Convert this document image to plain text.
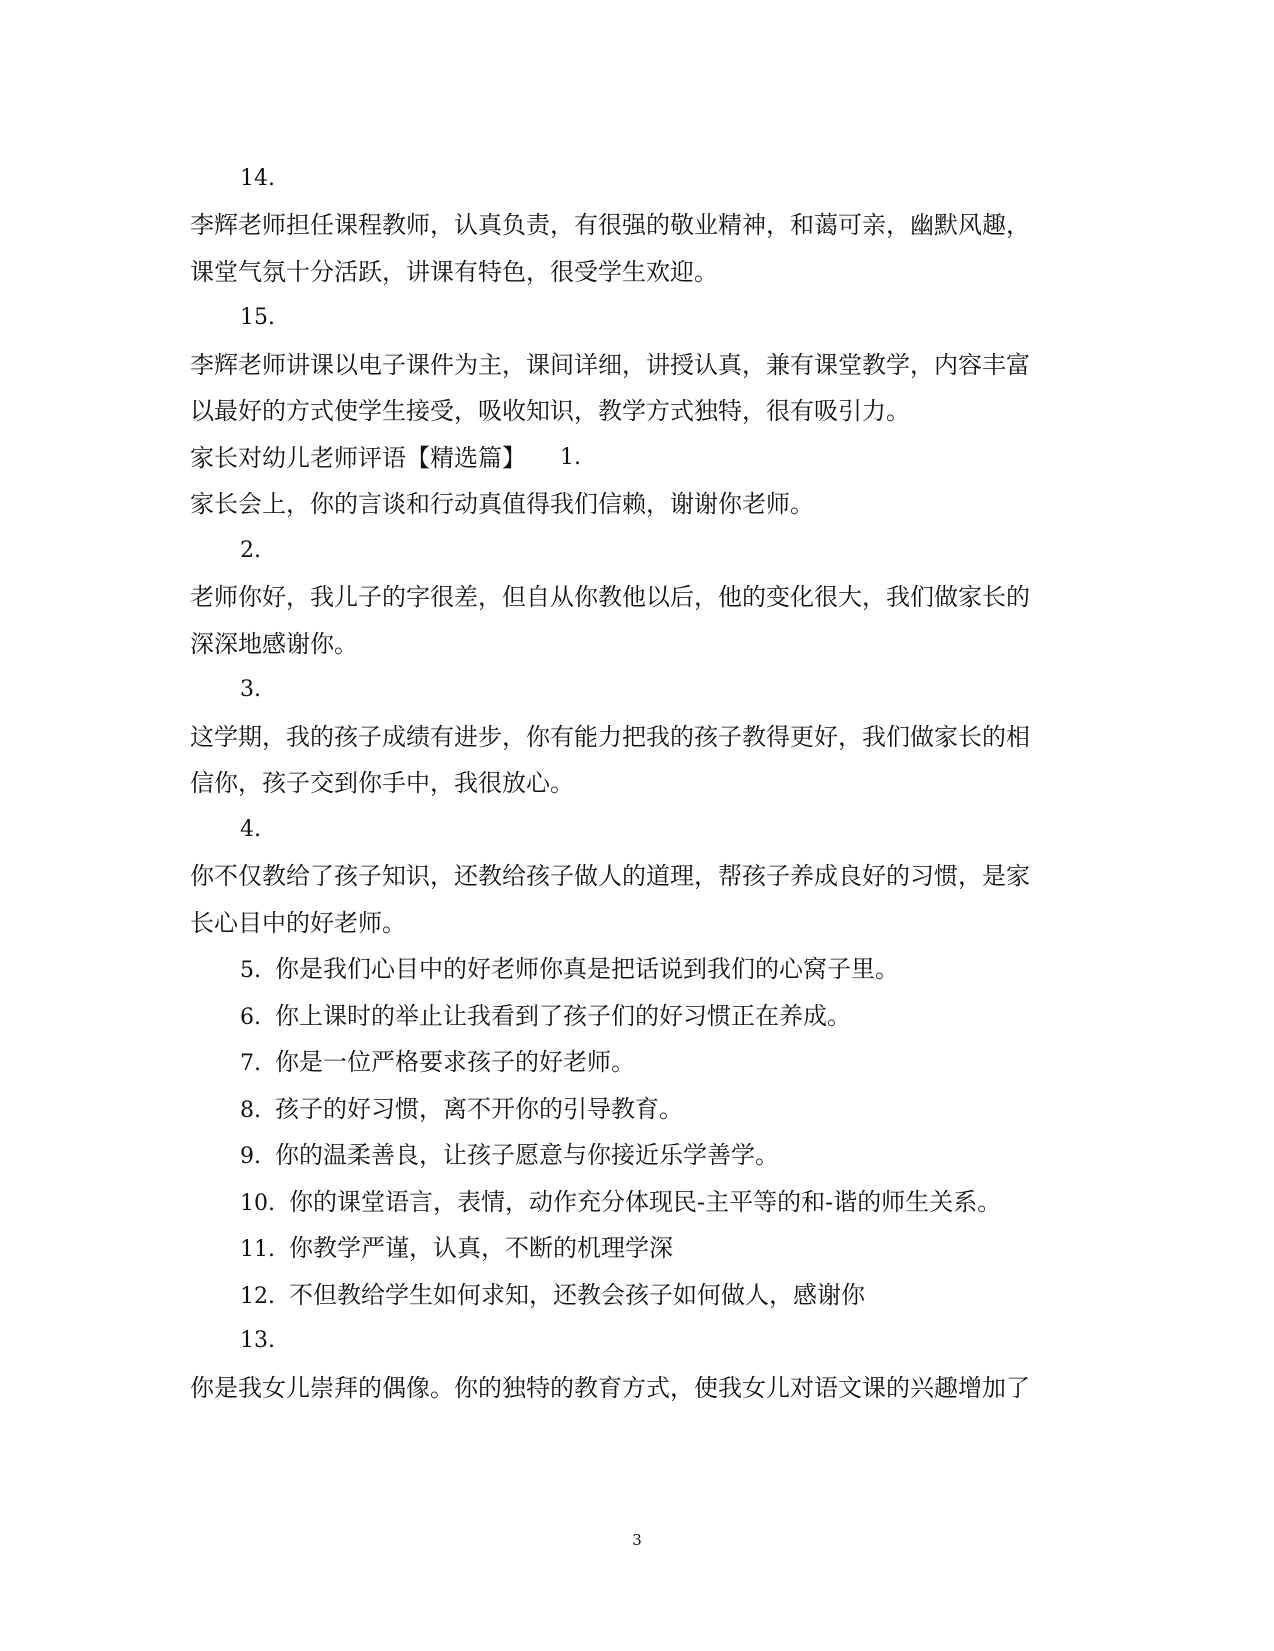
14.
李辉老师担任课程教师，认真负责，有很强的敬业精神，和蔼可亲，幽默风趣，
课堂气氛十分活跃，讲课有特色，很受学生欢迎。
15.
李辉老师讲课以电子课件为主，课间详细，讲授认真，兼有课堂教学，内容丰富
以最好的方式使学生接受，吸收知识，教学方式独特，很有吸引力。
家长对幼儿老师评语【精选篇】 1.
家长会上，你的言谈和行动真值得我们信赖，谢谢你老师。
2.
老师你好，我儿子的字很差，但自从你教他以后，他的变化很大，我们做家长的
深深地感谢你。
3.
这学期，我的孩子成绩有进步，你有能力把我的孩子教得更好，我们做家长的相
信你，孩子交到你手中，我很放心。
4.
你不仅教给了孩子知识，还教给孩子做人的道理，帮孩子养成良好的习惯，是家
长心目中的好老师。
5. 你是我们心目中的好老师你真是把话说到我们的心窝子里。
6. 你上课时的举止让我看到了孩子们的好习惯正在养成。
7. 你是一位严格要求孩子的好老师。
8. 孩子的好习惯，离不开你的引导教育。
9. 你的温柔善良，让孩子愿意与你接近乐学善学。
10. 你的课堂语言，表情，动作充分体现民-主平等的和-谐的师生关系。
11. 你教学严谨，认真，不断的机理学深
12. 不但教给学生如何求知，还教会孩子如何做人，感谢你
13.
你是我女儿崇拜的偶像。你的独特的教育方式，使我女儿对语文课的兴趣增加了
3
